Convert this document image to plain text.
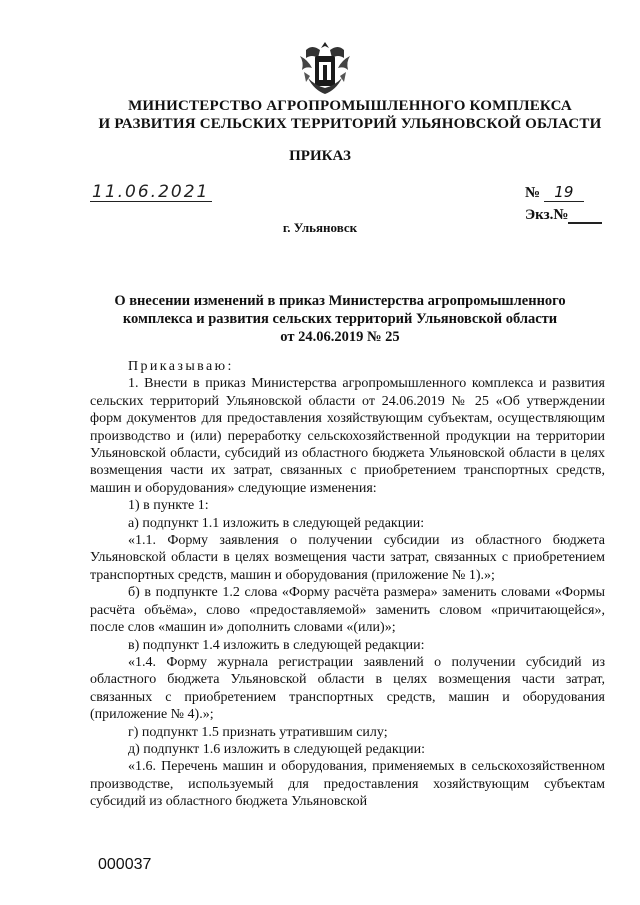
МИНИСТЕРСТВО АГРОПРОМЫШЛЕННОГО КОМПЛЕКСА
И РАЗВИТИЯ СЕЛЬСКИХ ТЕРРИТОРИЙ УЛЬЯНОВСКОЙ ОБЛАСТИ
ПРИКАЗ
11.06.2021	№
19
Экз.№
г. Ульяновск
О внесении изменений в приказ Министерства агропромышленного
комплекса и развития сельских территорий Ульяновской области
от 24.06.2019 № 25

Приказываю:

1. Внести в приказ Министерства агропромышленного комплекса и развития сельских территорий Ульяновской области от 24.06.2019 № 25 «Об утверждении форм документов для предоставления хозяйствующим субъектам, осуществляющим производство и (или) переработку сельскохозяйственной продукции на территории Ульяновской области, субсидий из областного бюджета Ульяновской области в целях возмещения части их затрат, связанных с приобретением транспортных средств, машин и оборудования» следующие изменения:

1) в пункте 1:

а) подпункт 1.1 изложить в следующей редакции:

«1.1. Форму заявления о получении субсидии из областного бюджета Ульяновской области в целях возмещения части затрат, связанных с приобретением транспортных средств, машин и оборудования (приложение № 1).»;

б) в подпункте 1.2 слова «Форму расчёта размера» заменить словами «Формы расчёта объёма», слово «предоставляемой» заменить словом «причитающейся», после слов «машин и» дополнить словами «(или)»;

в) подпункт 1.4 изложить в следующей редакции:

«1.4. Форму журнала регистрации заявлений о получении субсидий из областного бюджета Ульяновской области в целях возмещения части затрат, связанных с приобретением транспортных средств, машин и оборудования (приложение № 4).»;

г) подпункт 1.5 признать утратившим силу;

д) подпункт 1.6 изложить в следующей редакции:

«1.6. Перечень машин и оборудования, применяемых в сельскохозяйственном производстве, используемый для предоставления хозяйствующим субъектам субсидий из областного бюджета Ульяновской

000037
